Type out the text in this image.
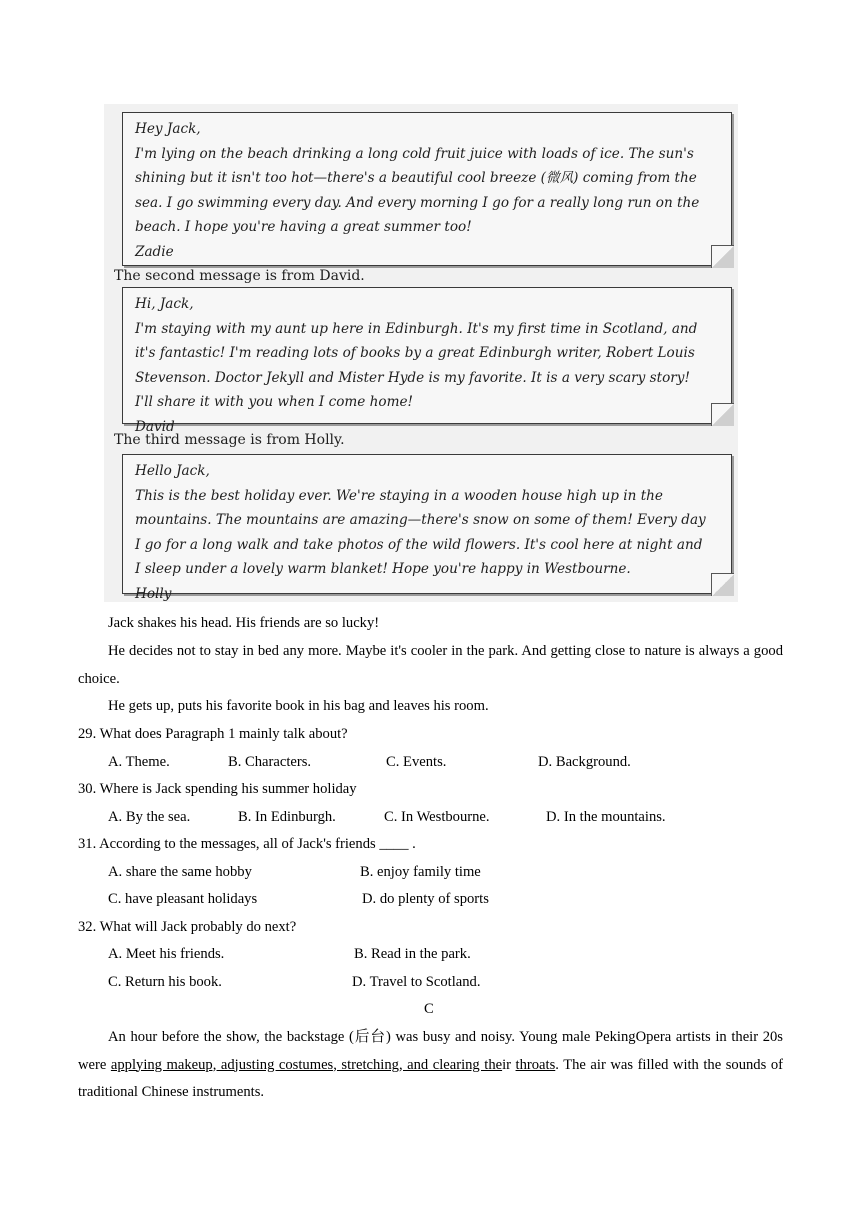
Hey Jack,
I'm lying on the beach drinking a long cold fruit juice with loads of ice. The sun's
shining but it isn't too hot—there's a beautiful cool breeze (微风) coming from the
sea. I go swimming every day. And every morning I go for a really long run on the
beach. I hope you're having a great summer too!
Zadie
The second message is from David.
Hi, Jack,
I'm staying with my aunt up here in Edinburgh. It's my first time in Scotland, and
it's fantastic! I'm reading lots of books by a great Edinburgh writer, Robert Louis
Stevenson. Doctor Jekyll and Mister Hyde is my favorite. It is a very scary story!
I'll share it with you when I come home!
David
The third message is from Holly.
Hello Jack,
This is the best holiday ever. We're staying in a wooden house high up in the
mountains. The mountains are amazing—there's snow on some of them! Every day
I go for a long walk and take photos of the wild flowers. It's cool here at night and
I sleep under a lovely warm blanket! Hope you're happy in Westbourne.
Holly
Jack shakes his head. His friends are so lucky!
He decides not to stay in bed any more. Maybe it's cooler in the park. And getting close to nature is always a good choice.
He gets up, puts his favorite book in his bag and leaves his room.
29. What does Paragraph 1 mainly talk about?
A. Theme.	B. Characters.	C. Events.	D. Background.
30. Where is Jack spending his summer holiday
A. By the sea.	B. In Edinburgh.	C. In Westbourne.	D. In the mountains.
31. According to the messages, all of Jack's friends ____ .
A. share the same hobby	B. enjoy family time
C. have pleasant holidays	D. do plenty of sports
32. What will Jack probably do next?
A. Meet his friends.	B. Read in the park.
C. Return his book.	D. Travel to Scotland.
C
An hour before the show, the backstage (后台) was busy and noisy. Young male PekingOpera artists in their 20s were applying makeup, adjusting costumes, stretching, and clearing their throats. The air was filled with the sounds of traditional Chinese instruments.
